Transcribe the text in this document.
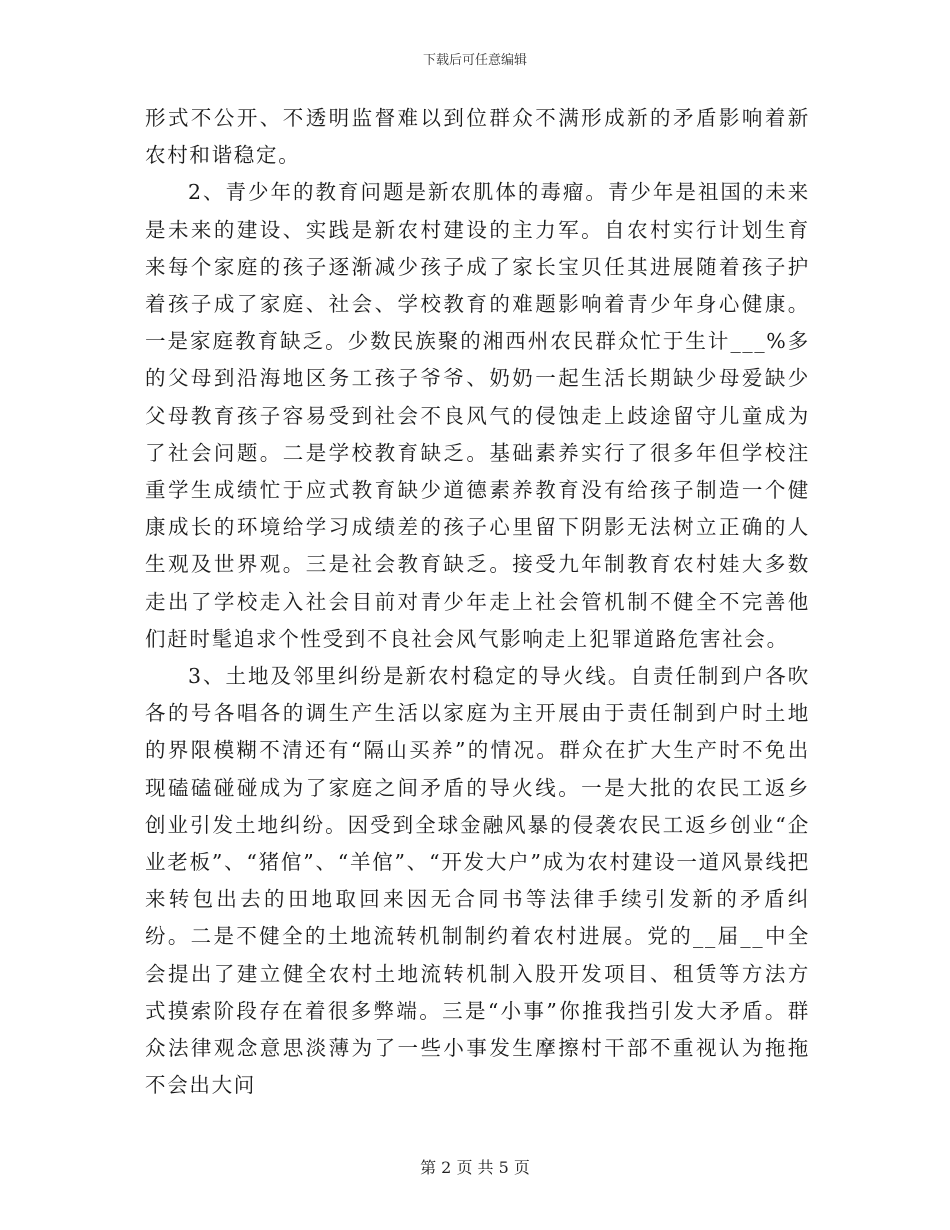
下载后可任意编辑

形式不公开、不透明监督难以到位群众不满形成新的矛盾影响着新农村和谐稳定。

2、青少年的教育问题是新农肌体的毒瘤。青少年是祖国的未来是未来的建设、实践是新农村建设的主力军。自农村实行计划生育来每个家庭的孩子逐渐减少孩子成了家长宝贝任其进展随着孩子护着孩子成了家庭、社会、学校教育的难题影响着青少年身心健康。一是家庭教育缺乏。少数民族聚的湘西州农民群众忙于生计___%多的父母到沿海地区务工孩子爷爷、奶奶一起生活长期缺少母爱缺少父母教育孩子容易受到社会不良风气的侵蚀走上歧途留守儿童成为了社会问题。二是学校教育缺乏。基础素养实行了很多年但学校注重学生成绩忙于应式教育缺少道德素养教育没有给孩子制造一个健康成长的环境给学习成绩差的孩子心里留下阴影无法树立正确的人生观及世界观。三是社会教育缺乏。接受九年制教育农村娃大多数走出了学校走入社会目前对青少年走上社会管机制不健全不完善他们赶时髦追求个性受到不良社会风气影响走上犯罪道路危害社会。

3、土地及邻里纠纷是新农村稳定的导火线。自责任制到户各吹各的号各唱各的调生产生活以家庭为主开展由于责任制到户时土地的界限模糊不清还有“隔山买养”的情况。群众在扩大生产时不免出现磕磕碰碰成为了家庭之间矛盾的导火线。一是大批的农民工返乡创业引发土地纠纷。因受到全球金融风暴的侵袭农民工返乡创业“企业老板”、“猪倌”、“羊倌”、“开发大户”成为农村建设一道风景线把来转包出去的田地取回来因无合同书等法律手续引发新的矛盾纠纷。二是不健全的土地流转机制制约着农村进展。党的__届__中全会提出了建立健全农村土地流转机制入股开发项目、租赁等方法方式摸索阶段存在着很多弊端。三是“小事”你推我挡引发大矛盾。群众法律观念意思淡薄为了一些小事发生摩擦村干部不重视认为拖拖不会出大问

第 2 页 共 5 页
